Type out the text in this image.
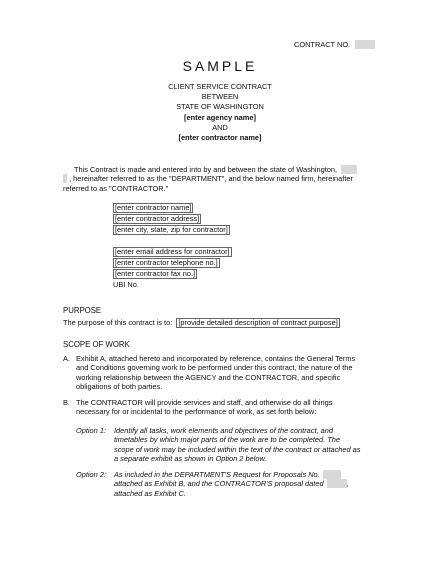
CONTRACT NO.
SAMPLE
CLIENT SERVICE CONTRACT
BETWEEN
STATE OF WASHINGTON
[enter agency name]
AND
[enter contractor name]
This Contract is made and entered into by and between the state of Washington,
, hereinafter referred to as the "DEPARTMENT", and the below named firm, hereinafter
referred to as "CONTRACTOR."
[enter contractor name]
[enter contractor address]
[enter city, state, zip for contractor]
[enter email address for contractor]
[enter contractor telephone no.]
[enter contractor fax no.]
UBI No.
PURPOSE
The purpose of this contract is to: [provide detailed description of contract purpose]
SCOPE OF WORK
A. Exhibit A, attached hereto and incorporated by reference, contains the General Terms
and Conditions governing work to be performed under this contract, the nature of the
working relationship between the AGENCY and the CONTRACTOR, and specific
obligations of both parties.
B. The CONTRACTOR will provide services and staff, and otherwise do all things
necessary for or incidental to the performance of work, as set forth below:
Option 1: Identify all tasks, work elements and objectives of the contract, and
timetables by which major parts of the work are to be completed. The
scope of work may be included within the text of the contract or attached as
a separate exhibit as shown in Option 2 below.
Option 2: As included in the DEPARTMENT'S Request for Proposals No.
attached as Exhibit B, and the CONTRACTOR'S proposal dated	,
attached as Exhibit C.
